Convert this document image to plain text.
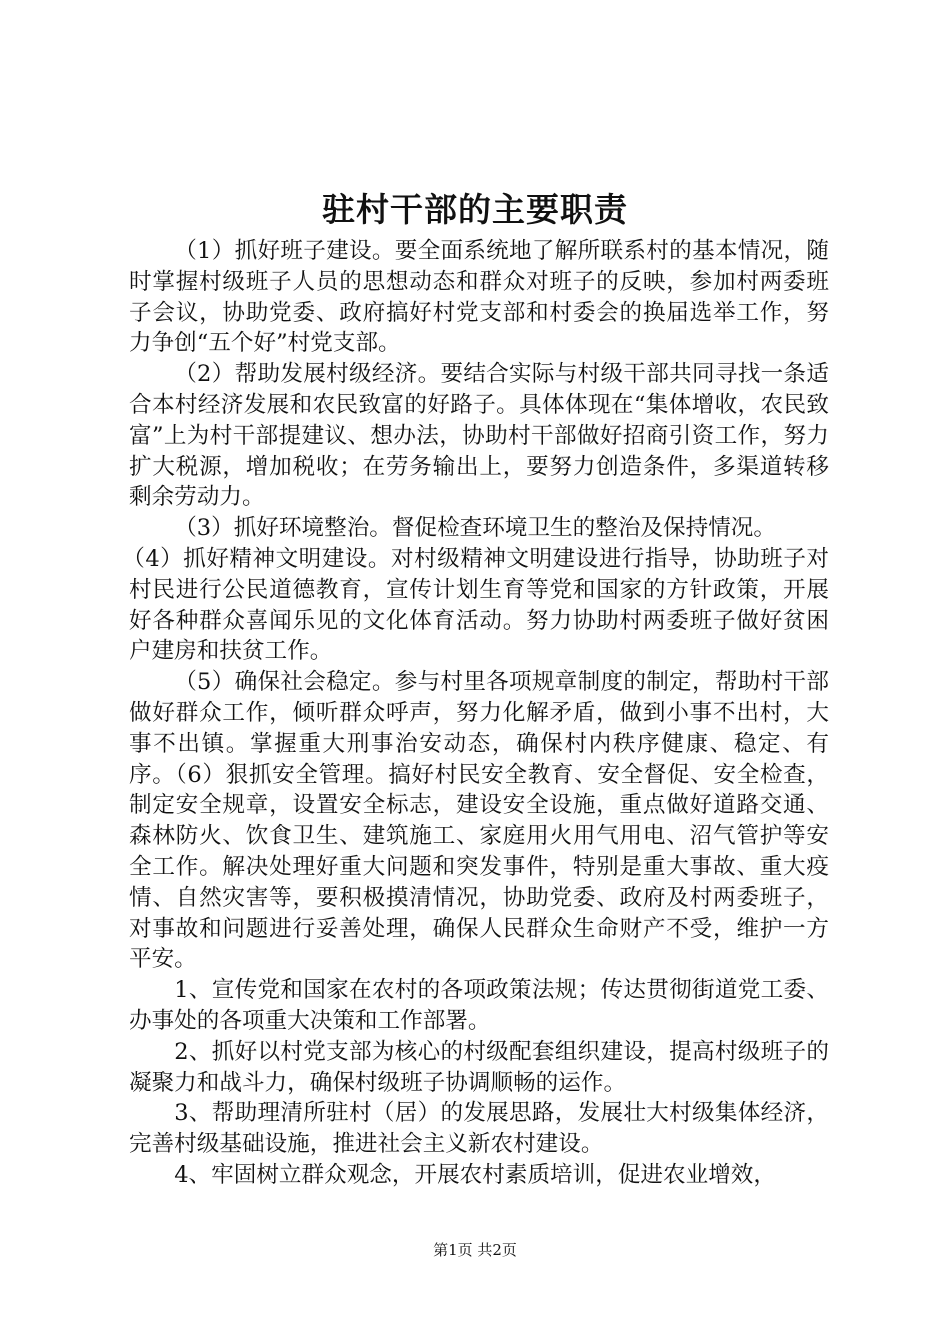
驻村干部的主要职责

（1）抓好班子建设。要全面系统地了解所联系村的基本情况，随时掌握村级班子人员的思想动态和群众对班子的反映，参加村两委班子会议，协助党委、政府搞好村党支部和村委会的换届选举工作，努力争创“五个好”村党支部。

（2）帮助发展村级经济。要结合实际与村级干部共同寻找一条适合本村经济发展和农民致富的好路子。具体体现在“集体增收，农民致富”上为村干部提建议、想办法，协助村干部做好招商引资工作，努力扩大税源，增加税收；在劳务输出上，要努力创造条件，多渠道转移剩余劳动力。

（3）抓好环境整治。督促检查环境卫生的整治及保持情况。

（4）抓好精神文明建设。对村级精神文明建设进行指导，协助班子对村民进行公民道德教育，宣传计划生育等党和国家的方针政策，开展好各种群众喜闻乐见的文化体育活动。努力协助村两委班子做好贫困户建房和扶贫工作。

（5）确保社会稳定。参与村里各项规章制度的制定，帮助村干部做好群众工作，倾听群众呼声，努力化解矛盾，做到小事不出村，大事不出镇。掌握重大刑事治安动态，确保村内秩序健康、稳定、有序。（6）狠抓安全管理。搞好村民安全教育、安全督促、安全检查，制定安全规章，设置安全标志，建设安全设施，重点做好道路交通、森林防火、饮食卫生、建筑施工、家庭用火用气用电、沼气管护等安全工作。解决处理好重大问题和突发事件，特别是重大事故、重大疫情、自然灾害等，要积极摸清情况，协助党委、政府及村两委班子，对事故和问题进行妥善处理，确保人民群众生命财产不受，维护一方平安。

1、宣传党和国家在农村的各项政策法规；传达贯彻街道党工委、办事处的各项重大决策和工作部署。

2、抓好以村党支部为核心的村级配套组织建设，提高村级班子的凝聚力和战斗力，确保村级班子协调顺畅的运作。

3、帮助理清所驻村（居）的发展思路，发展壮大村级集体经济，完善村级基础设施，推进社会主义新农村建设。

4、牢固树立群众观念，开展农村素质培训，促进农业增效，

第1页 共2页
